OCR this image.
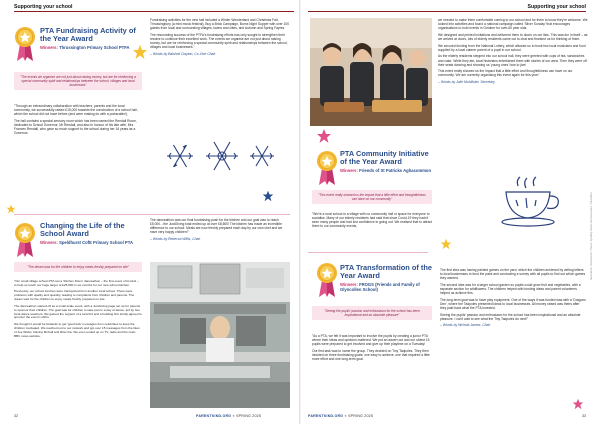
Supporting your school
PTA Fundraising Activity of the Year Award
Winners: Thrussington Primary School PTFA
"The events we organise are not just about raising money, but are for reinforcing a special community spirit and relationships between the school, villages and local businesses"

"Through an extraordinary collaboration with teachers, parents and the local community, we successfully raised £15,000 towards the construction of a school hall, which the school did not have before (and were making do with a portacabin!).

The hall contains a special sensory room which has been named the Rendall Room, dedicated to School Governor, Mr Rendall, and also in honour of his late wife, Mrs Frances Rendall, who gave so much support to the school during her 16 years as a Governor.

Fundraising activities for the new hall included a Winter Wonderland and Christmas Fair, Thrussingbury (a mini music festival), Buy a Brick Campaign, Burns Night Supper with over 100 guests from local and surrounding villages, towns and cities, and Autumn and Spring Fayres.

The resounding success of the PTFA's fundraising efforts has only sought to strengthen their resolve to continue their excellent work. The events we organise are not just about raising money, but are for reinforcing a special community spirit and relationships between the school, villages and local businesses."

– Words by Baisholi Clayton, Co-Vice Chair

Changing the Life of the School Award
Winners: Speldhurst CofE Primary School PTA
"The dream was for the children to enjoy meals freshly prepared on site"

"Our small village school PTA ran a 'Kitchen Disco' danceathon – the first event of its kind – to help us reach our huge target of £25,000 in six months for our new school kitchen.

Previously, our school lunches were transported from another local school. There were problems with quality and quantity, leading to complaints from children and parents. The dream was for the children to enjoy meals freshly prepared on site.

The danceathon started off as a small-scale event, with a JustGiving page set up for parents to sponsor their children. The goal was for children to take part in a day of dance, led by two local dance teachers. We gained the support of a local DJ and a building firm kindly agreed to sponsor the event t-shirts.

We thought it would be fantastic to get 'good luck' messages from celebrities to keep the children motivated. We reached out to our network and got over 15 messages from the likes of Joe Wicks, Davina McCall and Rita Ora. We even ended up on TV, radio and the main BBC news website.

The danceathon was our final fundraising push for the kitchen and our goal was to reach £5,000…the JustGiving total ended up at over £8,600! The kitchen has made an incredible difference to our school. Meals are now freshly prepared each day by our own chef and we have very happy children!"

– Words by Rebecca Willis, Chair

32	PARENTKIND.ORG ● SPRING 2025
Supporting your school

we needed to make them comfortable coming to our school and for them to know they're welcome. We looked into activities and found a national campaign called 'Silver Sunday' that encourages organisations to hold events in October for over-60 year olds.

We designed and printed invitations and delivered them to doors on our lists. This was fun in itself – as we arrived at doors, lots of elderly residents came out to chat and thanked us for thinking of them.

We secured funding from the National Lottery, which allowed us to book two local musicians and food supplied by a local caterer parent of a pupil in our school.

As the elderly residents stepped into our school hall, they were greeted with cups of tea, sandwiches and cake. While they ate, local historians entertained them with stories of our area. Then they were off their seats dancing and showing us 'young ones' how to jive!

This event really showed us the impact that a little effort and thoughtfulness can have on our community. We are currently organising this event again for this year."

– Words by Julie McAllister, Secretary

PTA Community Initiative of the Year Award
Winners: Friends of St Patricks Aghacommon
"This event really showed us the impact that a little effort and thoughtfulness can have on our community"

"We're a rural school in a village with no community hall or space for everyone to socialise. Many of our elderly residents had said that since Covid-19 they hadn't seen many people and had lost confidence in going out. We realised that to attract them to our community events,	Illustrations: Shutterstock; Photos: Spelding Davies and Associates, Parentkind
PTA Transformation of the Year Award
Winners: FROGS (Friends and Family of Glyncollen School)
"Seeing the pupils' passion and enthusiasm for the school has been inspirational and an absolute pleasure"

"As a PTA, we felt it was important to involve the pupils by creating a junior PTA where their ideas and opinions mattered. We put an advert out and our oldest 15 pupils were prepared to get involved and give up their playtime on a Tuesday!

Our first task was to name the group. They decided on Tiny Tadpoles. They then decided on three fundraising goals: one easy to achieve, one that required a little more effort and one long-term goal.

The first idea was having painted games on the yard, which the children achieved by writing letters to local businesses to fund the paint and conducting a survey with all pupils to find out which games they wanted.

The second idea was for a larger school garden so pupils could grow fruit and vegetables, with a separate section for wildflowers. The children helped with funding ideas and parent volunteers helped us achieve this.

The long-term goal was to have play equipment. One of the ways it was funded was with a 'Dragons Den', where the Tadpoles presented ideas to local businesses. All money raised was theirs after they paid back what the PTA invested.

Seeing the pupils' passion and enthusiasm for the school has been inspirational and an absolute pleasure. I can't wait to see what the Tiny Tadpoles do next!"

– Words by Nichola James, Chair

PARENTKIND.ORG ● SPRING 2025	33
